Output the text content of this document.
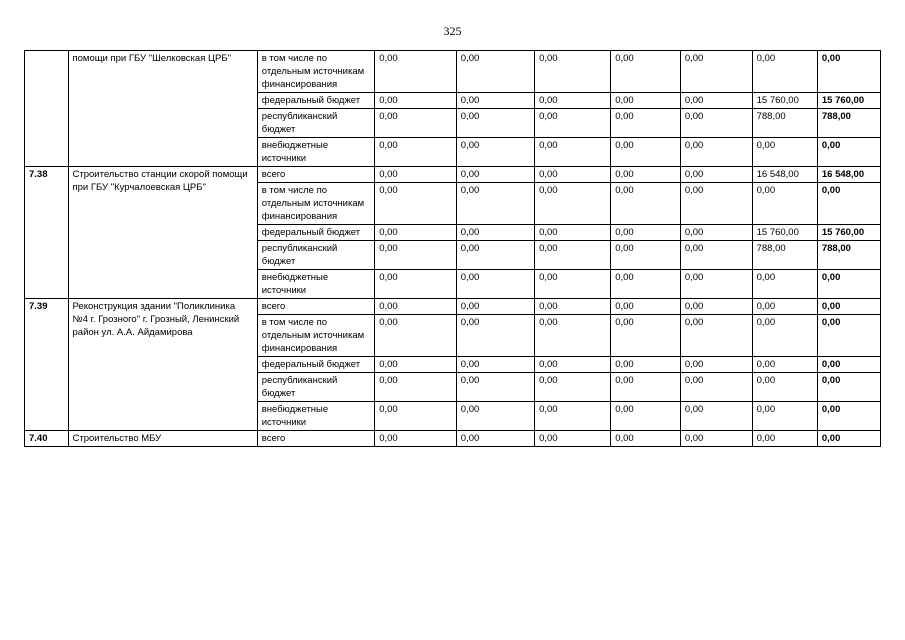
325
	помощи при ГБУ "Шелковская ЦРБ"	в том числе по отдельным источникам финансирования	0,00	0,00	0,00	0,00	0,00	0,00	0,00
		федеральный бюджет	0,00	0,00	0,00	0,00	0,00	15 760,00	15 760,00
		республиканский бюджет	0,00	0,00	0,00	0,00	0,00	788,00	788,00
		внебюджетные источники	0,00	0,00	0,00	0,00	0,00	0,00	0,00
7.38	Строительство станции скорой помощи при ГБУ "Курчалоевская ЦРБ"	всего	0,00	0,00	0,00	0,00	0,00	16 548,00	16 548,00
		в том числе по отдельным источникам финансирования	0,00	0,00	0,00	0,00	0,00	0,00	0,00
		федеральный бюджет	0,00	0,00	0,00	0,00	0,00	15 760,00	15 760,00
		республиканский бюджет	0,00	0,00	0,00	0,00	0,00	788,00	788,00
		внебюджетные источники	0,00	0,00	0,00	0,00	0,00	0,00	0,00
7.39	Реконструкция здании "Поликлиника №4 г. Грозного" г. Грозный, Ленинский район ул. А.А. Айдамирова	всего	0,00	0,00	0,00	0,00	0,00	0,00	0,00
		в том числе по отдельным источникам финансирования	0,00	0,00	0,00	0,00	0,00	0,00	0,00
		федеральный бюджет	0,00	0,00	0,00	0,00	0,00	0,00	0,00
		республиканский бюджет	0,00	0,00	0,00	0,00	0,00	0,00	0,00
		внебюджетные источники	0,00	0,00	0,00	0,00	0,00	0,00	0,00
7.40	Строительство МБУ	всего	0,00	0,00	0,00	0,00	0,00	0,00	0,00
